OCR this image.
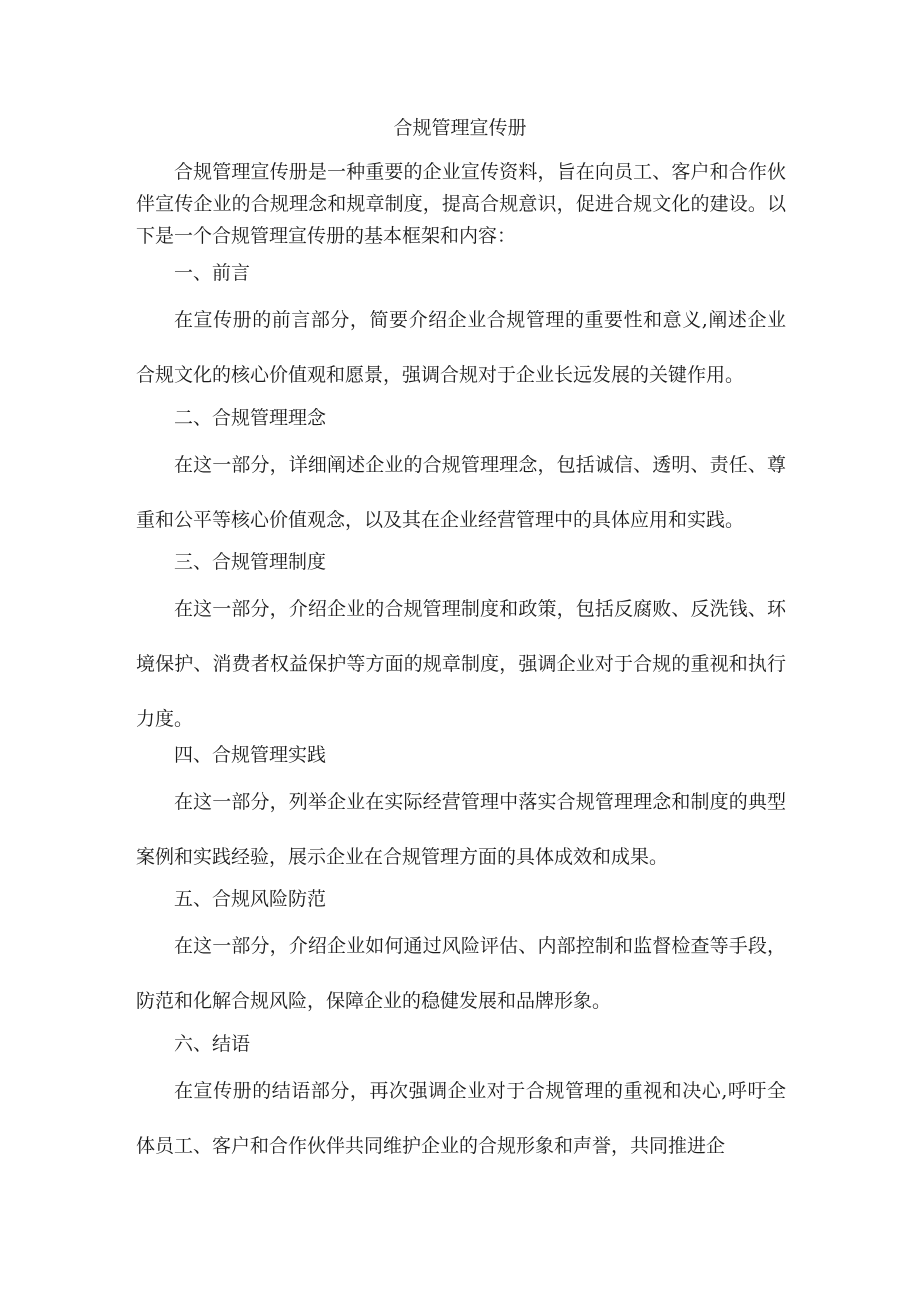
合规管理宣传册

合规管理宣传册是一种重要的企业宣传资料，旨在向员工、客户和合作伙伴宣传企业的合规理念和规章制度，提高合规意识，促进合规文化的建设。以下是一个合规管理宣传册的基本框架和内容：

一、前言

在宣传册的前言部分，简要介绍企业合规管理的重要性和意义,阐述企业合规文化的核心价值观和愿景，强调合规对于企业长远发展的关键作用。

二、合规管理理念

在这一部分，详细阐述企业的合规管理理念，包括诚信、透明、责任、尊重和公平等核心价值观念，以及其在企业经营管理中的具体应用和实践。

三、合规管理制度

在这一部分，介绍企业的合规管理制度和政策，包括反腐败、反洗钱、环境保护、消费者权益保护等方面的规章制度，强调企业对于合规的重视和执行力度。

四、合规管理实践

在这一部分，列举企业在实际经营管理中落实合规管理理念和制度的典型案例和实践经验，展示企业在合规管理方面的具体成效和成果。

五、合规风险防范

在这一部分，介绍企业如何通过风险评估、内部控制和监督检查等手段，防范和化解合规风险，保障企业的稳健发展和品牌形象。

六、结语

在宣传册的结语部分，再次强调企业对于合规管理的重视和决心,呼吁全体员工、客户和合作伙伴共同维护企业的合规形象和声誉，共同推进企
